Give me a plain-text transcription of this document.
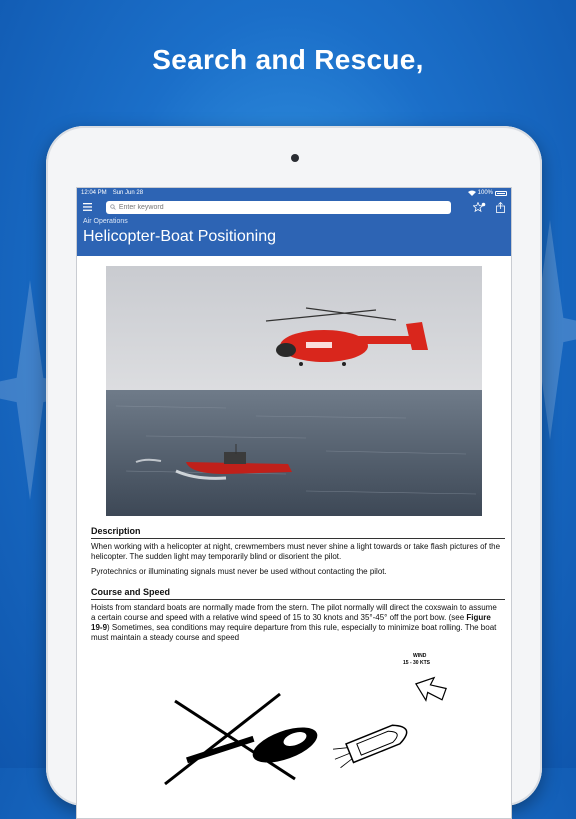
Search and Rescue,
12:04 PM Sun Jun 28	100%
Enter keyword
Air Operations
Helicopter-Boat Positioning
Description
When working with a helicopter at night, crewmembers must never shine a light towards or take flash pictures of the helicopter. The sudden light may temporarily blind or disorient the pilot.
Pyrotechnics or illuminating signals must never be used without contacting the pilot.
Course and Speed
Hoists from standard boats are normally made from the stern. The pilot normally will direct the coxswain to assume a certain course and speed with a relative wind speed of 15 to 30 knots and 35°-45° off the port bow. (see Figure 19-9) Sometimes, sea conditions may require departure from this rule, especially to minimize boat rolling. The boat must maintain a steady course and speed
WIND
15 - 30 KTS
